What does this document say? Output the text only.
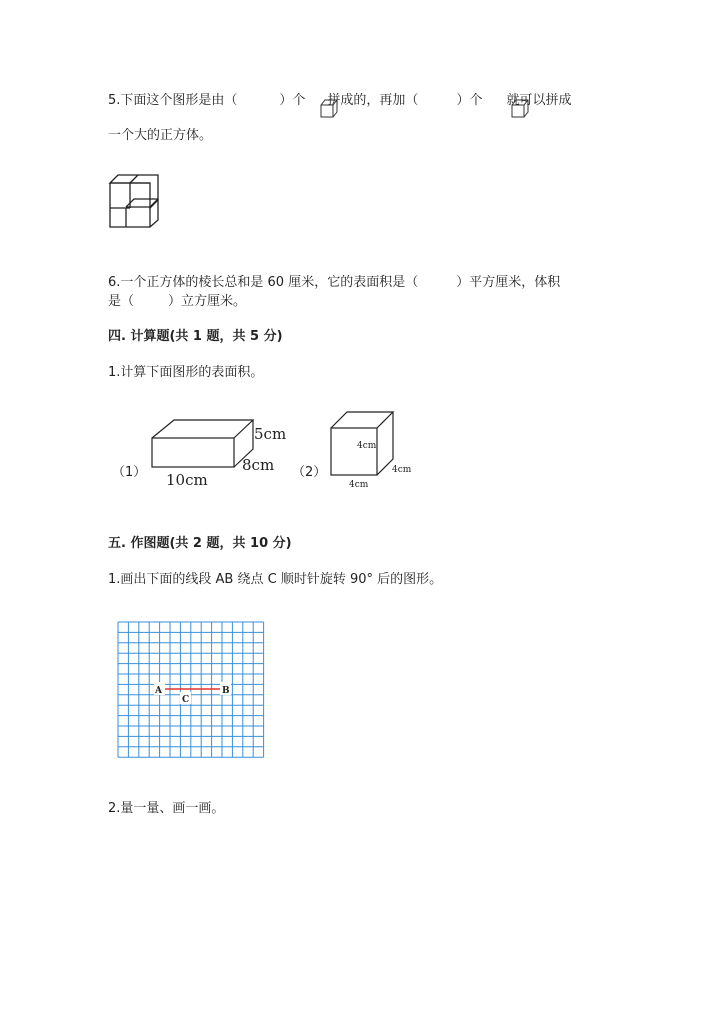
5.下面这个图形是由（	）个 拼成的，再加（	）个 就可以拼成
一个大的正方体。
6.一个正方体的棱长总和是 60 厘米，它的表面积是（	）平方厘米，体积
是（	）立方厘米。
四. 计算题(共 1 题，共 5 分)
1.计算下面图形的表面积。
（1）
5cm
8cm
10cm	（2）
4cm
4cm
4cm
五. 作图题(共 2 题，共 10 分)
1.画出下面的线段 AB 绕点 C 顺时针旋转 90° 后的图形。
A	B
C
2.量一量、画一画。
